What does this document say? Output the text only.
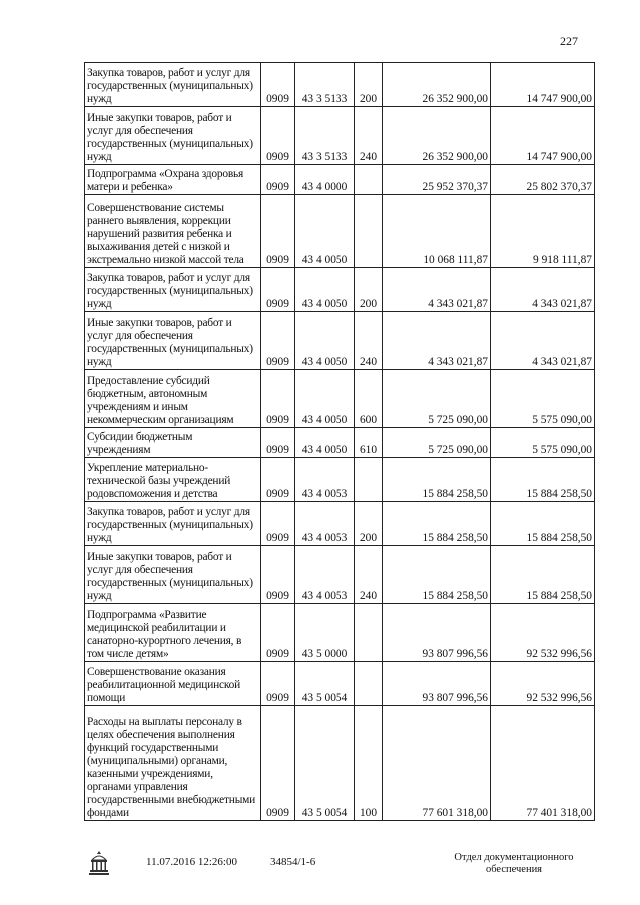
227
Закупка товаров, работ и услуг для государственных (муниципальных) нужд	0909	43 3 5133	200	26 352 900,00	14 747 900,00
Иные закупки товаров, работ и услуг для обеспечения государственных (муниципальных) нужд	0909	43 3 5133	240	26 352 900,00	14 747 900,00
Подпрограмма «Охрана здоровья матери и ребенка»	0909	43 4 0000		25 952 370,37	25 802 370,37
Совершенствование системы раннего выявления, коррекции нарушений развития ребенка и выхаживания детей с низкой и экстремально низкой массой тела	0909	43 4 0050		10 068 111,87	9 918 111,87
Закупка товаров, работ и услуг для государственных (муниципальных) нужд	0909	43 4 0050	200	4 343 021,87	4 343 021,87
Иные закупки товаров, работ и услуг для обеспечения государственных (муниципальных) нужд	0909	43 4 0050	240	4 343 021,87	4 343 021,87
Предоставление субсидий бюджетным, автономным учреждениям и иным некоммерческим организациям	0909	43 4 0050	600	5 725 090,00	5 575 090,00
Субсидии бюджетным учреждениям	0909	43 4 0050	610	5 725 090,00	5 575 090,00
Укрепление материально-технической базы учреждений родовспоможения и детства	0909	43 4 0053		15 884 258,50	15 884 258,50
Закупка товаров, работ и услуг для государственных (муниципальных) нужд	0909	43 4 0053	200	15 884 258,50	15 884 258,50
Иные закупки товаров, работ и услуг для обеспечения государственных (муниципальных) нужд	0909	43 4 0053	240	15 884 258,50	15 884 258,50
Подпрограмма «Развитие медицинской реабилитации и санаторно-курортного лечения, в том числе детям»	0909	43 5 0000		93 807 996,56	92 532 996,56
Совершенствование оказания реабилитационной медицинской помощи	0909	43 5 0054		93 807 996,56	92 532 996,56
Расходы на выплаты персоналу в целях обеспечения выполнения функций государственными (муниципальными) органами, казенными учреждениями, органами управления государственными внебюджетными фондами	0909	43 5 0054	100	77 601 318,00	77 401 318,00
11.07.2016 12:26:00	34854/1-6	Отдел документационного
обеспечения
